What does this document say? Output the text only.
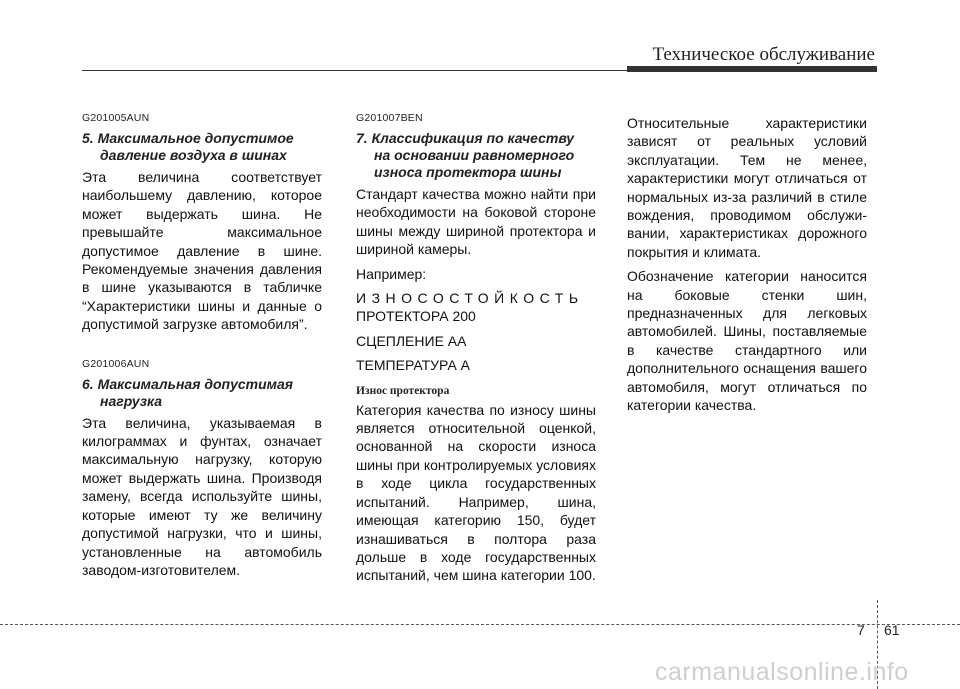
Техническое обслуживание

G201005AUN

5. Максимальное допустимое
давление воздуха в шинах

Эта величина соответствует наибольшему давлению, которое может выдержать шина. Не превышайте максимальное допустимое давление в шине. Рекомендуемые значения давления в шине указываются в табличке “Характеристики шины и данные о допустимой загрузке автомобиля”.

G201006AUN

6. Максимальная допустимая
нагрузка

Эта величина, указываемая в килограммах и фунтах, означает максимальную нагрузку, которую может выдержать шина. Производя замену, всегда используйте шины, которые имеют ту же величину допустимой нагрузки, что и шины, установленные на автомобиль заводом-изготовителем.

G201007BEN

7. Классификация по качеству
на основании равномерного износа протектора шины

Стандарт качества можно найти при необходимости на боковой стороне шины между шириной протектора и шириной камеры.

Например:
ИЗНОСОСТОЙКОСТЬ
ПРОТЕКТОРА 200
СЦЕПЛЕНИЕ АА
ТЕМПЕРАТУРА А

Износ протектора

Категория качества по износу шины является относительной оценкой, основанной на скорости износа шины при контролируемых условиях в ходе цикла государственных испытаний. Например, шина, имеющая категорию 150, будет изнашиваться в полтора раза дольше в ходе государственных испытаний, чем шина категории 100.

Относительные характеристики зависят от реальных условий эксплуатации. Тем не менее, характеристики могут отличаться от нормальных из-за различий в стиле вождения, проводимом обслужи-вании, характеристиках дорожного покрытия и климата.

Обозначение категории наносится на боковые стенки шин, предназначенных для легковых автомобилей. Шины, поставляемые в качестве стандартного или дополнительного оснащения вашего автомобиля, могут отличаться по категории качества.

7 61
carmanualsonline.info
